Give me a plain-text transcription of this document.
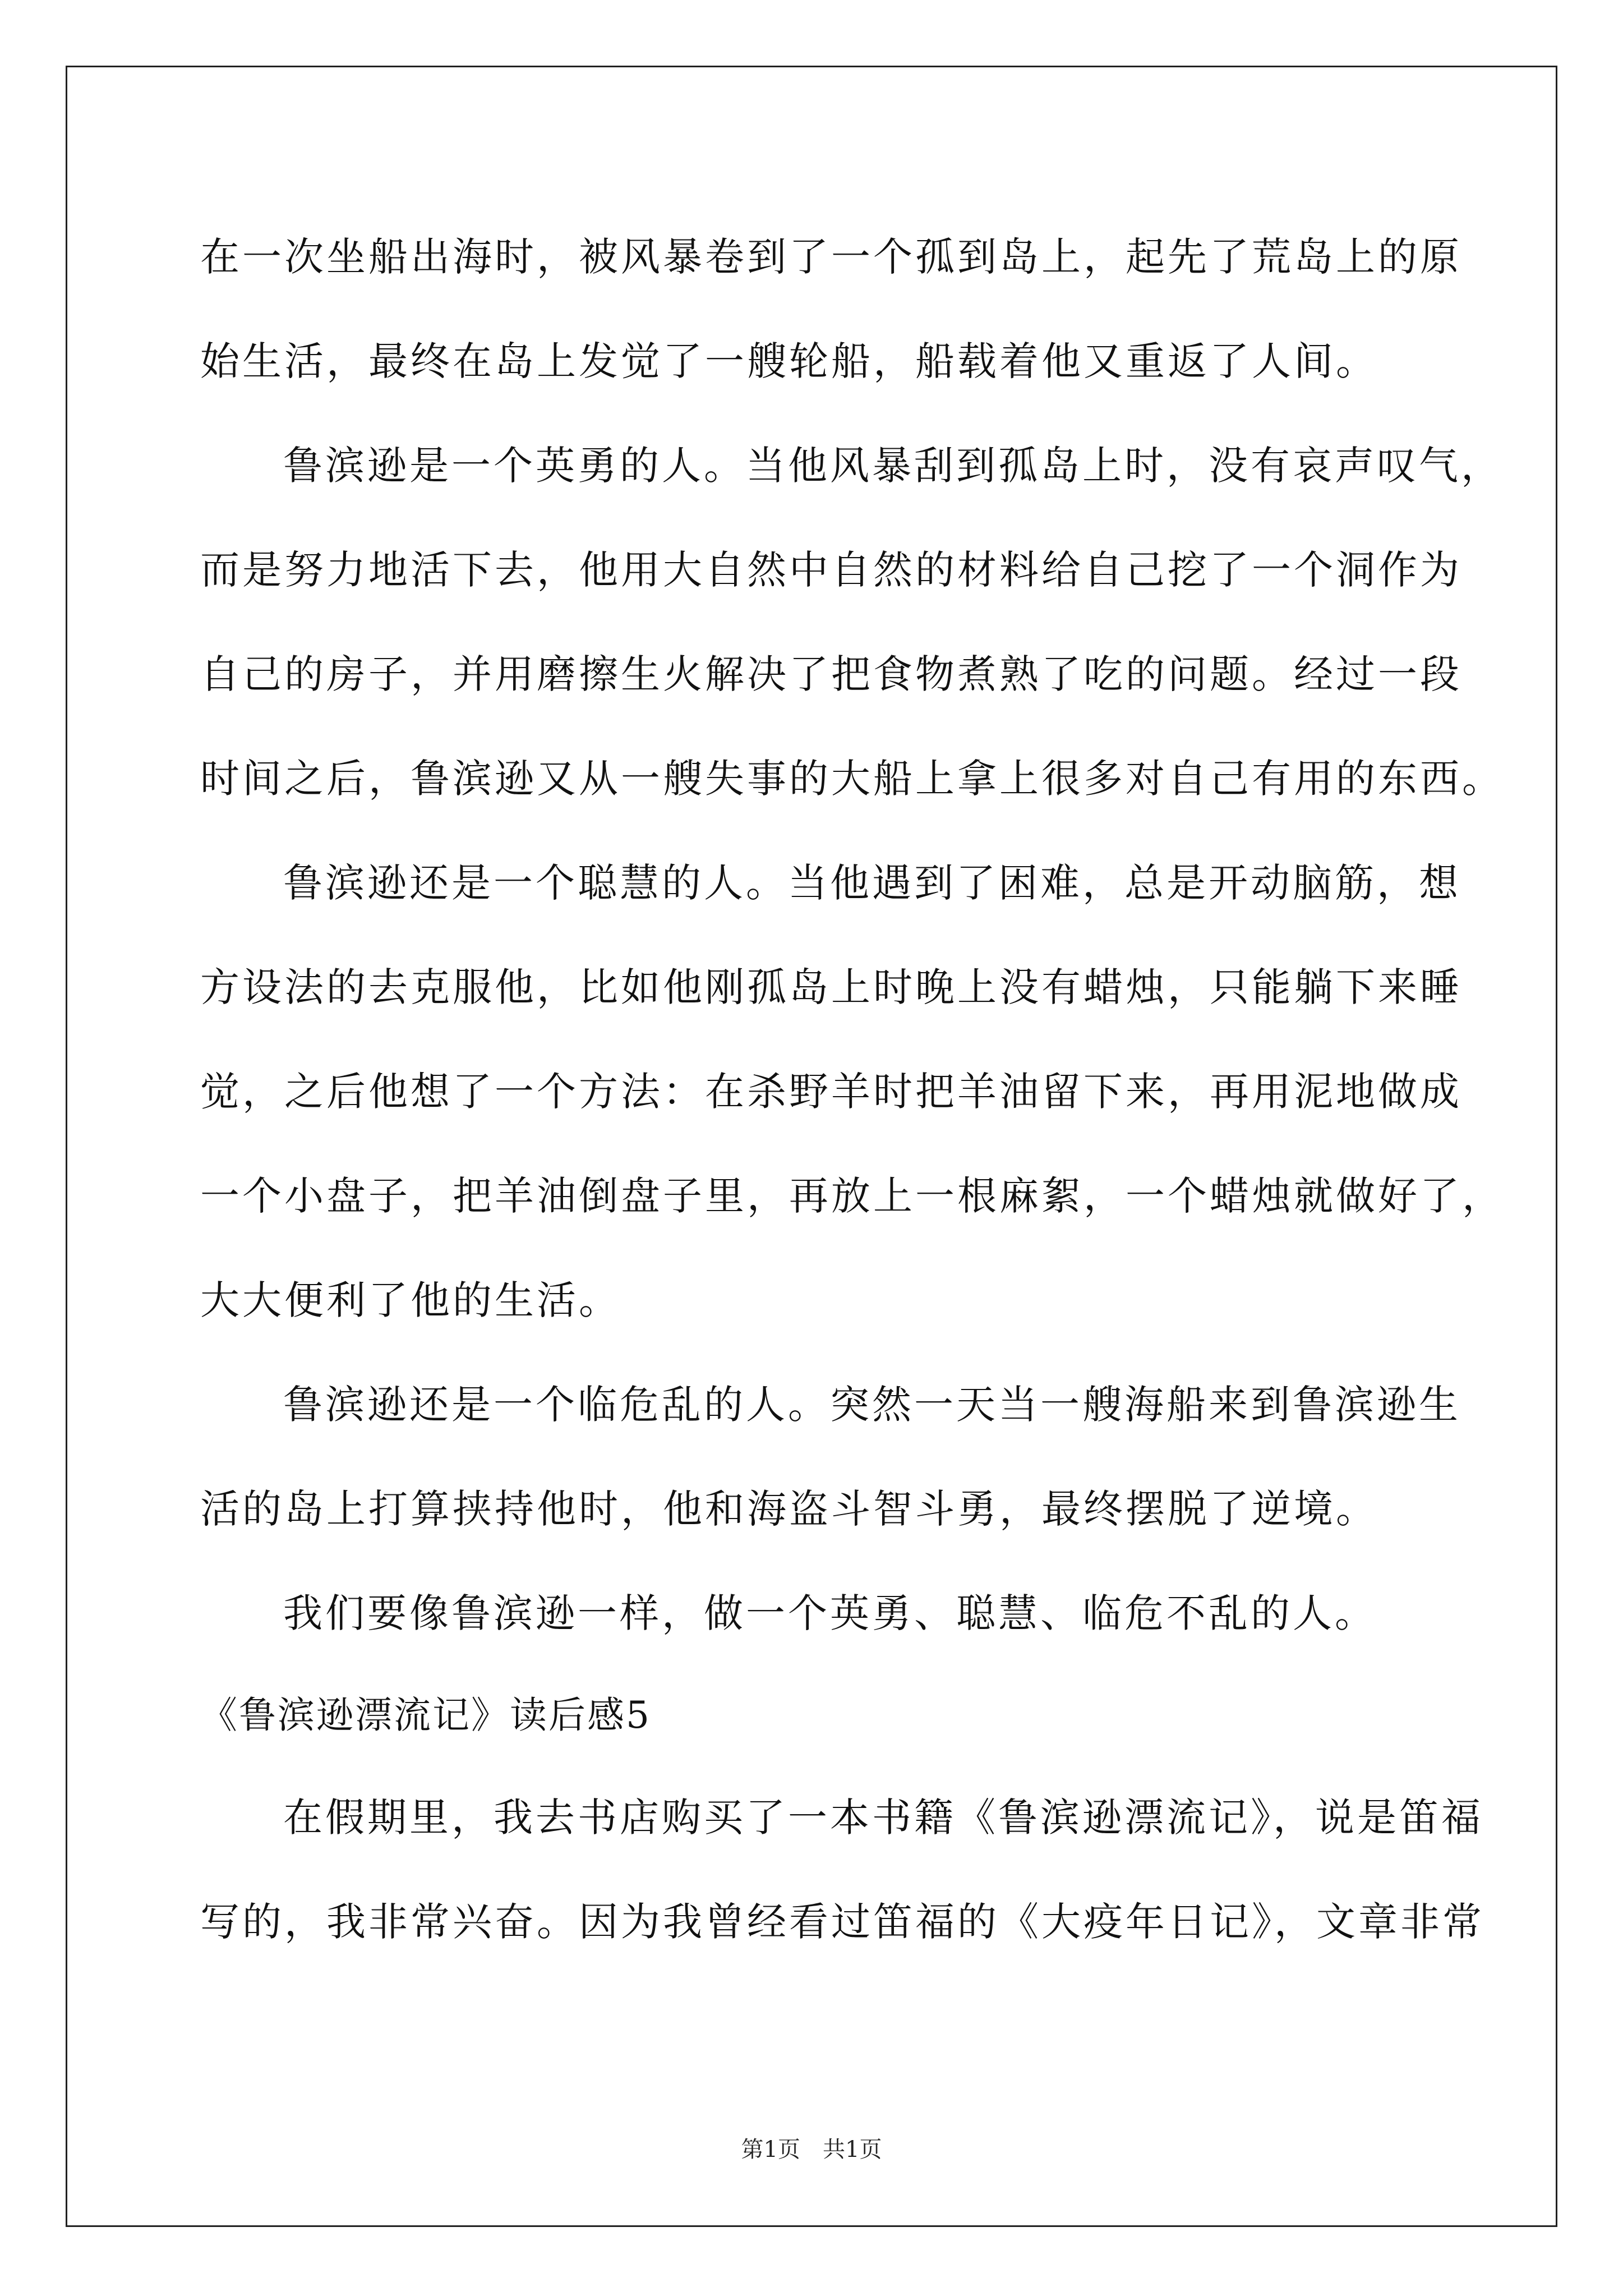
在一次坐船出海时，被风暴卷到了一个孤到岛上，起先了荒岛上的原
始生活，最终在岛上发觉了一艘轮船，船载着他又重返了人间。
鲁滨逊是一个英勇的人。当他风暴刮到孤岛上时，没有哀声叹气，
而是努力地活下去，他用大自然中自然的材料给自己挖了一个洞作为
自己的房子，并用磨擦生火解决了把食物煮熟了吃的问题。经过一段
时间之后，鲁滨逊又从一艘失事的大船上拿上很多对自己有用的东西。
鲁滨逊还是一个聪慧的人。当他遇到了困难，总是开动脑筋，想
方设法的去克服他，比如他刚孤岛上时晚上没有蜡烛，只能躺下来睡
觉，之后他想了一个方法：在杀野羊时把羊油留下来，再用泥地做成
一个小盘子，把羊油倒盘子里，再放上一根麻絮，一个蜡烛就做好了，
大大便利了他的生活。
鲁滨逊还是一个临危乱的人。突然一天当一艘海船来到鲁滨逊生
活的岛上打算挟持他时，他和海盗斗智斗勇，最终摆脱了逆境。
我们要像鲁滨逊一样，做一个英勇、聪慧、临危不乱的人。
《鲁滨逊漂流记》读后感5
在假期里，我去书店购买了一本书籍《鲁滨逊漂流记》，说是笛福
写的，我非常兴奋。因为我曾经看过笛福的《大疫年日记》，文章非常
第1页　共1页
